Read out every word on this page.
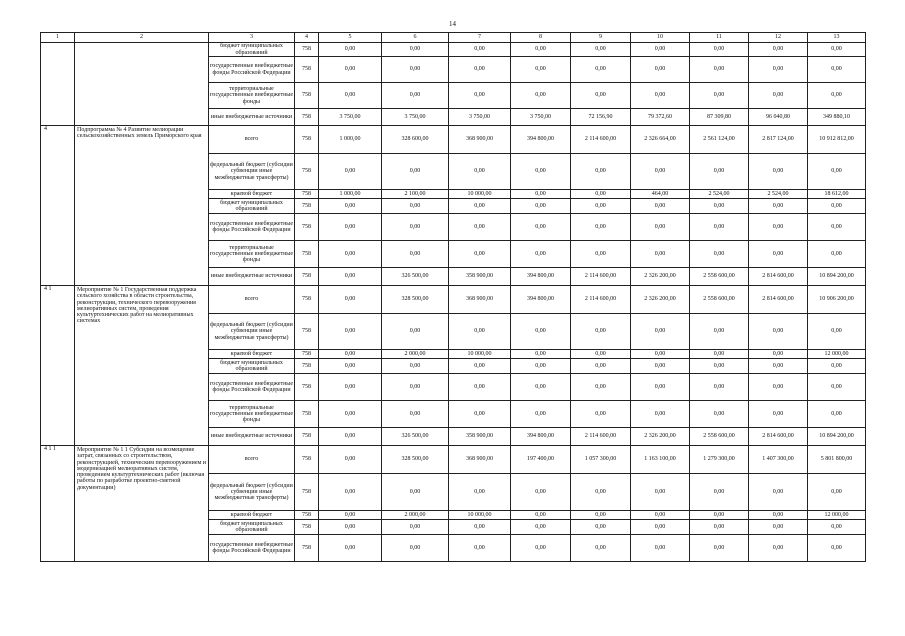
14
1	2	3	4	5	6	7	8	9	10	11	12	13
		бюджет муниципальных образований	758	0,00	0,00	0,00	0,00	0,00	0,00	0,00	0,00	0,00
		государственные внебюджетные фонды Российской Федерации	758	0,00	0,00	0,00	0,00	0,00	0,00	0,00	0,00	0,00
		территориальные государственные внебюджетные фонды	758	0,00	0,00	0,00	0,00	0,00	0,00	0,00	0,00	0,00
		иные внебюджетные источники	758	3 750,00	3 750,00	3 750,00	3 750,00	72 156,90	79 372,60	87 309,80	96 040,80	349 880,10
4	Подпрограмма № 4 Развитие мелиорации сельскохозяйственных земель Приморского края	всего	758	1 000,00	328 600,00	368 900,00	394 800,00	2 114 600,00	2 326 664,00	2 561 124,00	2 817 124,00	10 912 812,00
		федеральный бюджет (субсидии субвенции иные межбюджетные трансферты)	758	0,00	0,00	0,00	0,00	0,00	0,00	0,00	0,00	0,00
		краевой бюджет	758	1 000,00	2 100,00	10 000,00	0,00	0,00	464,00	2 524,00	2 524,00	18 612,00
		бюджет муниципальных образований	758	0,00	0,00	0,00	0,00	0,00	0,00	0,00	0,00	0,00
		государственные внебюджетные фонды Российской Федерации	758	0,00	0,00	0,00	0,00	0,00	0,00	0,00	0,00	0,00
		территориальные государственные внебюджетные фонды	758	0,00	0,00	0,00	0,00	0,00	0,00	0,00	0,00	0,00
		иные внебюджетные источники	758	0,00	326 500,00	358 900,00	394 800,00	2 114 600,00	2 326 200,00	2 558 600,00	2 814 600,00	10 894 200,00
4 1	Мероприятие № 1 Государственная поддержка сельского хозяйства в области строительства, реконструкции, технического перевооружения мелиоративных систем, проведения культуртехнических работ на мелиоративных системах	всего	758	0,00	328 500,00	368 900,00	394 800,00	2 114 600,00	2 326 200,00	2 558 600,00	2 814 600,00	10 906 200,00
		федеральный бюджет (субсидии субвенции иные межбюджетные трансферты)	758	0,00	0,00	0,00	0,00	0,00	0,00	0,00	0,00	0,00
		краевой бюджет	758	0,00	2 000,00	10 000,00	0,00	0,00	0,00	0,00	0,00	12 000,00
		бюджет муниципальных образований	758	0,00	0,00	0,00	0,00	0,00	0,00	0,00	0,00	0,00
		государственные внебюджетные фонды Российской Федерации	758	0,00	0,00	0,00	0,00	0,00	0,00	0,00	0,00	0,00
		территориальные государственные внебюджетные фонды	758	0,00	0,00	0,00	0,00	0,00	0,00	0,00	0,00	0,00
		иные внебюджетные источники	758	0,00	326 500,00	358 900,00	394 800,00	2 114 600,00	2 326 200,00	2 558 600,00	2 814 600,00	10 894 200,00
4 1 1	Мероприятие № 1 1 Субсидии на возмещение затрат, связанных со строительством, реконструкцией, техническим перевооружением и модернизацией мелиоративных систем, проведением культуртехнических работ (включая работы по разработке проектно-сметной документации)	всего	758	0,00	328 500,00	368 900,00	197 400,00	1 057 300,00	1 163 100,00	1 279 300,00	1 407 300,00	5 801 800,00
		федеральный бюджет (субсидии субвенции иные межбюджетные трансферты)	758	0,00	0,00	0,00	0,00	0,00	0,00	0,00	0,00	0,00
		краевой бюджет	758	0,00	2 000,00	10 000,00	0,00	0,00	0,00	0,00	0,00	12 000,00
		бюджет муниципальных образований	758	0,00	0,00	0,00	0,00	0,00	0,00	0,00	0,00	0,00
		государственные внебюджетные фонды Российской Федерации	758	0,00	0,00	0,00	0,00	0,00	0,00	0,00	0,00	0,00
